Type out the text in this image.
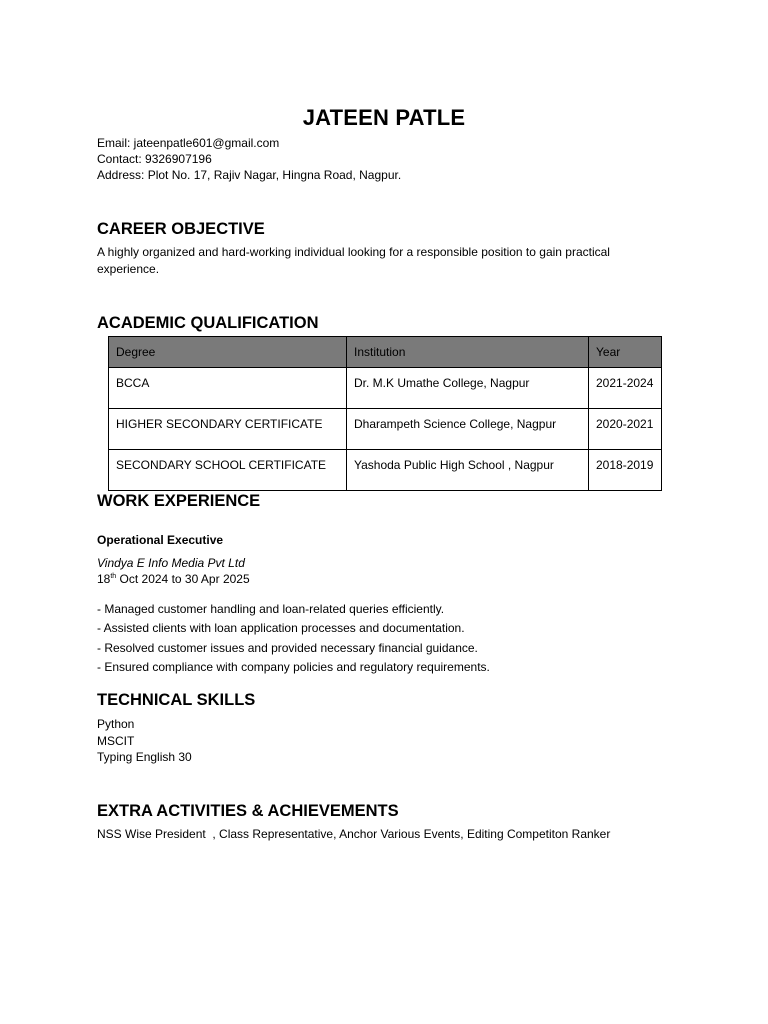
JATEEN PATLE
Email: jateenpatle601@gmail.com
Contact: 9326907196
Address: Plot No. 17, Rajiv Nagar, Hingna Road, Nagpur.
CAREER OBJECTIVE

A highly organized and hard-working individual looking for a responsible position to gain practical experience.

ACADEMIC QUALIFICATION
Degree	Institution	Year
BCCA	Dr. M.K Umathe College, Nagpur	2021-2024
HIGHER SECONDARY CERTIFICATE	Dharampeth Science College, Nagpur	2020-2021
SECONDARY SCHOOL CERTIFICATE	Yashoda Public High School , Nagpur	2018-2019
WORK EXPERIENCE
Operational Executive
Vindya E Info Media Pvt Ltd
18th Oct 2024 to 30 Apr 2025
- Managed customer handling and loan-related queries efficiently.
- Assisted clients with loan application processes and documentation.
- Resolved customer issues and provided necessary financial guidance.
- Ensured compliance with company policies and regulatory requirements.
TECHNICAL SKILLS
Python
MSCIT
Typing English 30
EXTRA ACTIVITIES & ACHIEVEMENTS

NSS Wise President  , Class Representative, Anchor Various Events, Editing Competiton Ranker
